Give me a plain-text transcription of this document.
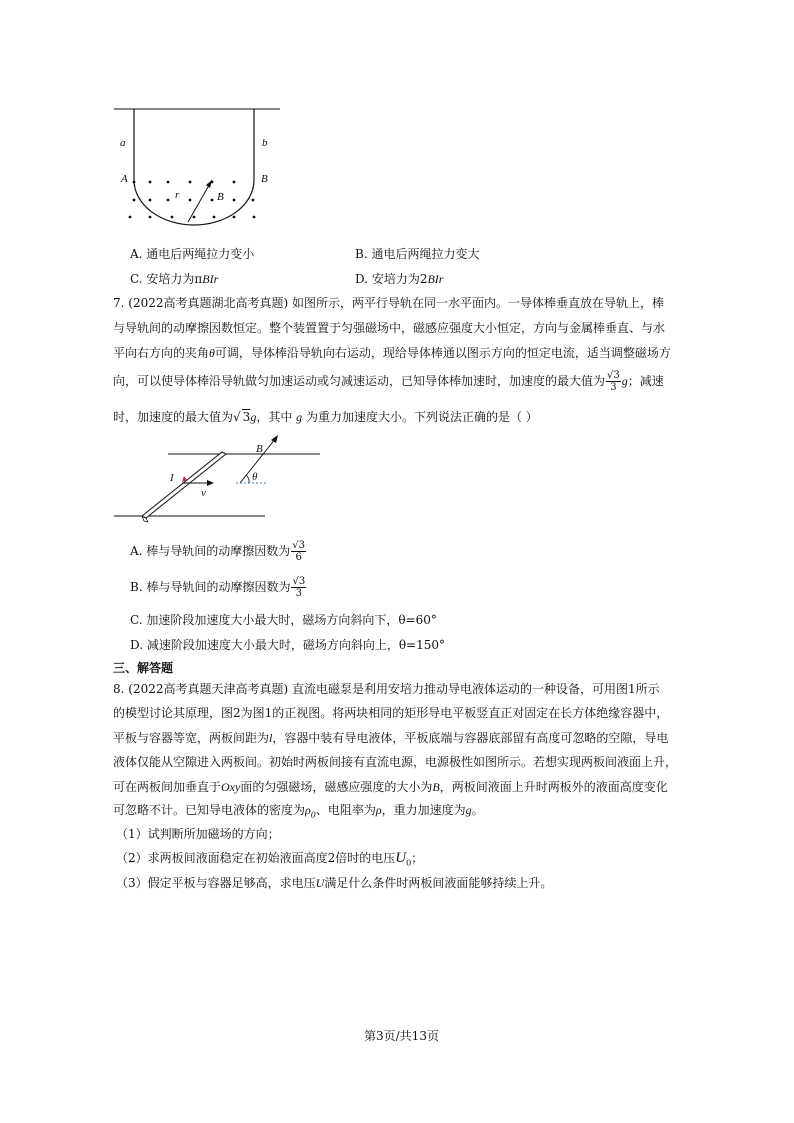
a	b
A	B
r	B
A. 通电后两绳拉力变小	B. 通电后两绳拉力变大
C. 安培力为πBIr	D. 安培力为2BIr
7. (2022高考真题湖北高考真题) 如图所示，两平行导轨在同一水平面内。一导体棒垂直放在导轨上，棒
与导轨间的动摩擦因数恒定。整个装置置于匀强磁场中，磁感应强度大小恒定，方向与金属棒垂直、与水
平向右方向的夹角θ可调，导体棒沿导轨向右运动，现给导体棒通以图示方向的恒定电流，适当调整磁场方
向，可以使导体棒沿导轨做匀加速运动或匀减速运动，已知导体棒加速时，加速度的最大值为 $\frac{√3}{3}$ g；减速
时，加速度的最大值为√ 3g，其中 g 为重力加速度大小。下列说法正确的是（ ）
I
v
B
θ
A. 棒与导轨间的动摩擦因数为 $\frac{√3}{6}$
B. 棒与导轨间的动摩擦因数为 $\frac{√3}{3}$
C. 加速阶段加速度大小最大时，磁场方向斜向下，θ=60°
D. 减速阶段加速度大小最大时，磁场方向斜向上，θ=150°
三、解答题
8. (2022高考真题天津高考真题) 直流电磁泵是利用安培力推动导电液体运动的一种设备，可用图1所示
的模型讨论其原理，图2为图1的正视图。将两块相同的矩形导电平板竖直正对固定在长方体绝缘容器中，
平板与容器等宽，两板间距为l，容器中装有导电液体，平板底端与容器底部留有高度可忽略的空隙，导电
液体仅能从空隙进入两板间。初始时两板间接有直流电源，电源极性如图所示。若想实现两板间液面上升，
可在两板间加垂直于Oxy面的匀强磁场，磁感应强度的大小为B，两板间液面上升时两板外的液面高度变化
可忽略不计。已知导电液体的密度为$\rho_0$、电阻率为ρ，重力加速度为g。
（1）试判断所加磁场的方向；
（2）求两板间液面稳定在初始液面高度2倍时的电压$U_0$；
（3）假定平板与容器足够高，求电压U满足什么条件时两板间液面能够持续上升。
第3页/共13页
